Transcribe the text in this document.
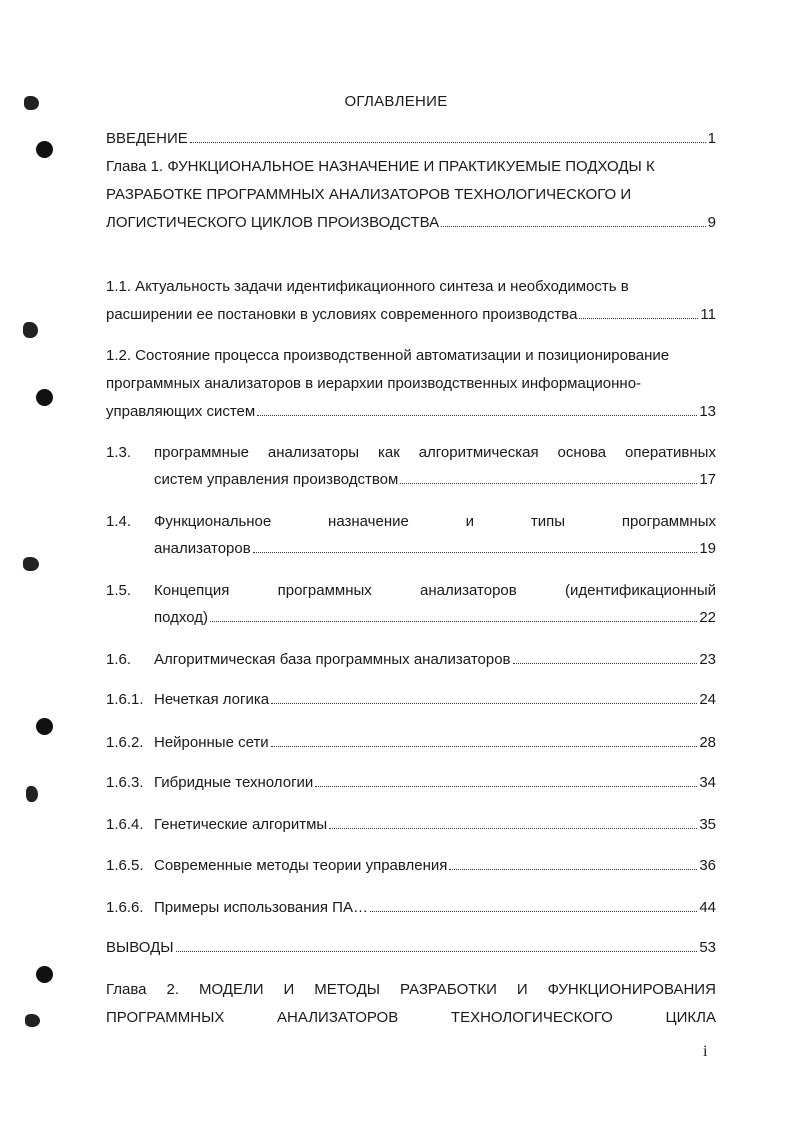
ОГЛАВЛЕНИЕ
ВВЕДЕНИЕ	1
Глава 1. ФУНКЦИОНАЛЬНОЕ НАЗНАЧЕНИЕ И ПРАКТИКУЕМЫЕ ПОДХОДЫ К
РАЗРАБОТКЕ ПРОГРАММНЫХ АНАЛИЗАТОРОВ ТЕХНОЛОГИЧЕСКОГО И
ЛОГИСТИЧЕСКОГО ЦИКЛОВ ПРОИЗВОДСТВА	9
1.1. Актуальность задачи идентификационного синтеза и необходимость в
расширении ее постановки в условиях современного производства	11
1.2. Состояние процесса производственной автоматизации и позиционирование
программных анализаторов в иерархии производственных информационно-
управляющих систем	13
1.3.	программные анализаторы как алгоритмическая основа оперативных
систем управления производством	17
1.4.	Функциональное	назначение	и	типы	программных
анализаторов	19
1.5.	Концепция	программных	анализаторов	(идентификационный
подход)	22
1.6.	Алгоритмическая база программных анализаторов	23
1.6.1. Нечеткая логика	24
1.6.2. Нейронные сети	28
1.6.3. Гибридные технологии	34
1.6.4. Генетические алгоритмы	35
1.6.5. Современные методы теории управления	36
1.6.6. Примеры использования ПА…	44
ВЫВОДЫ	53
Глава 2. МОДЕЛИ И МЕТОДЫ РАЗРАБОТКИ И ФУНКЦИОНИРОВАНИЯ
ПРОГРАММНЫХ	АНАЛИЗАТОРОВ	ТЕХНОЛОГИЧЕСКОГО	ЦИКЛА
i
